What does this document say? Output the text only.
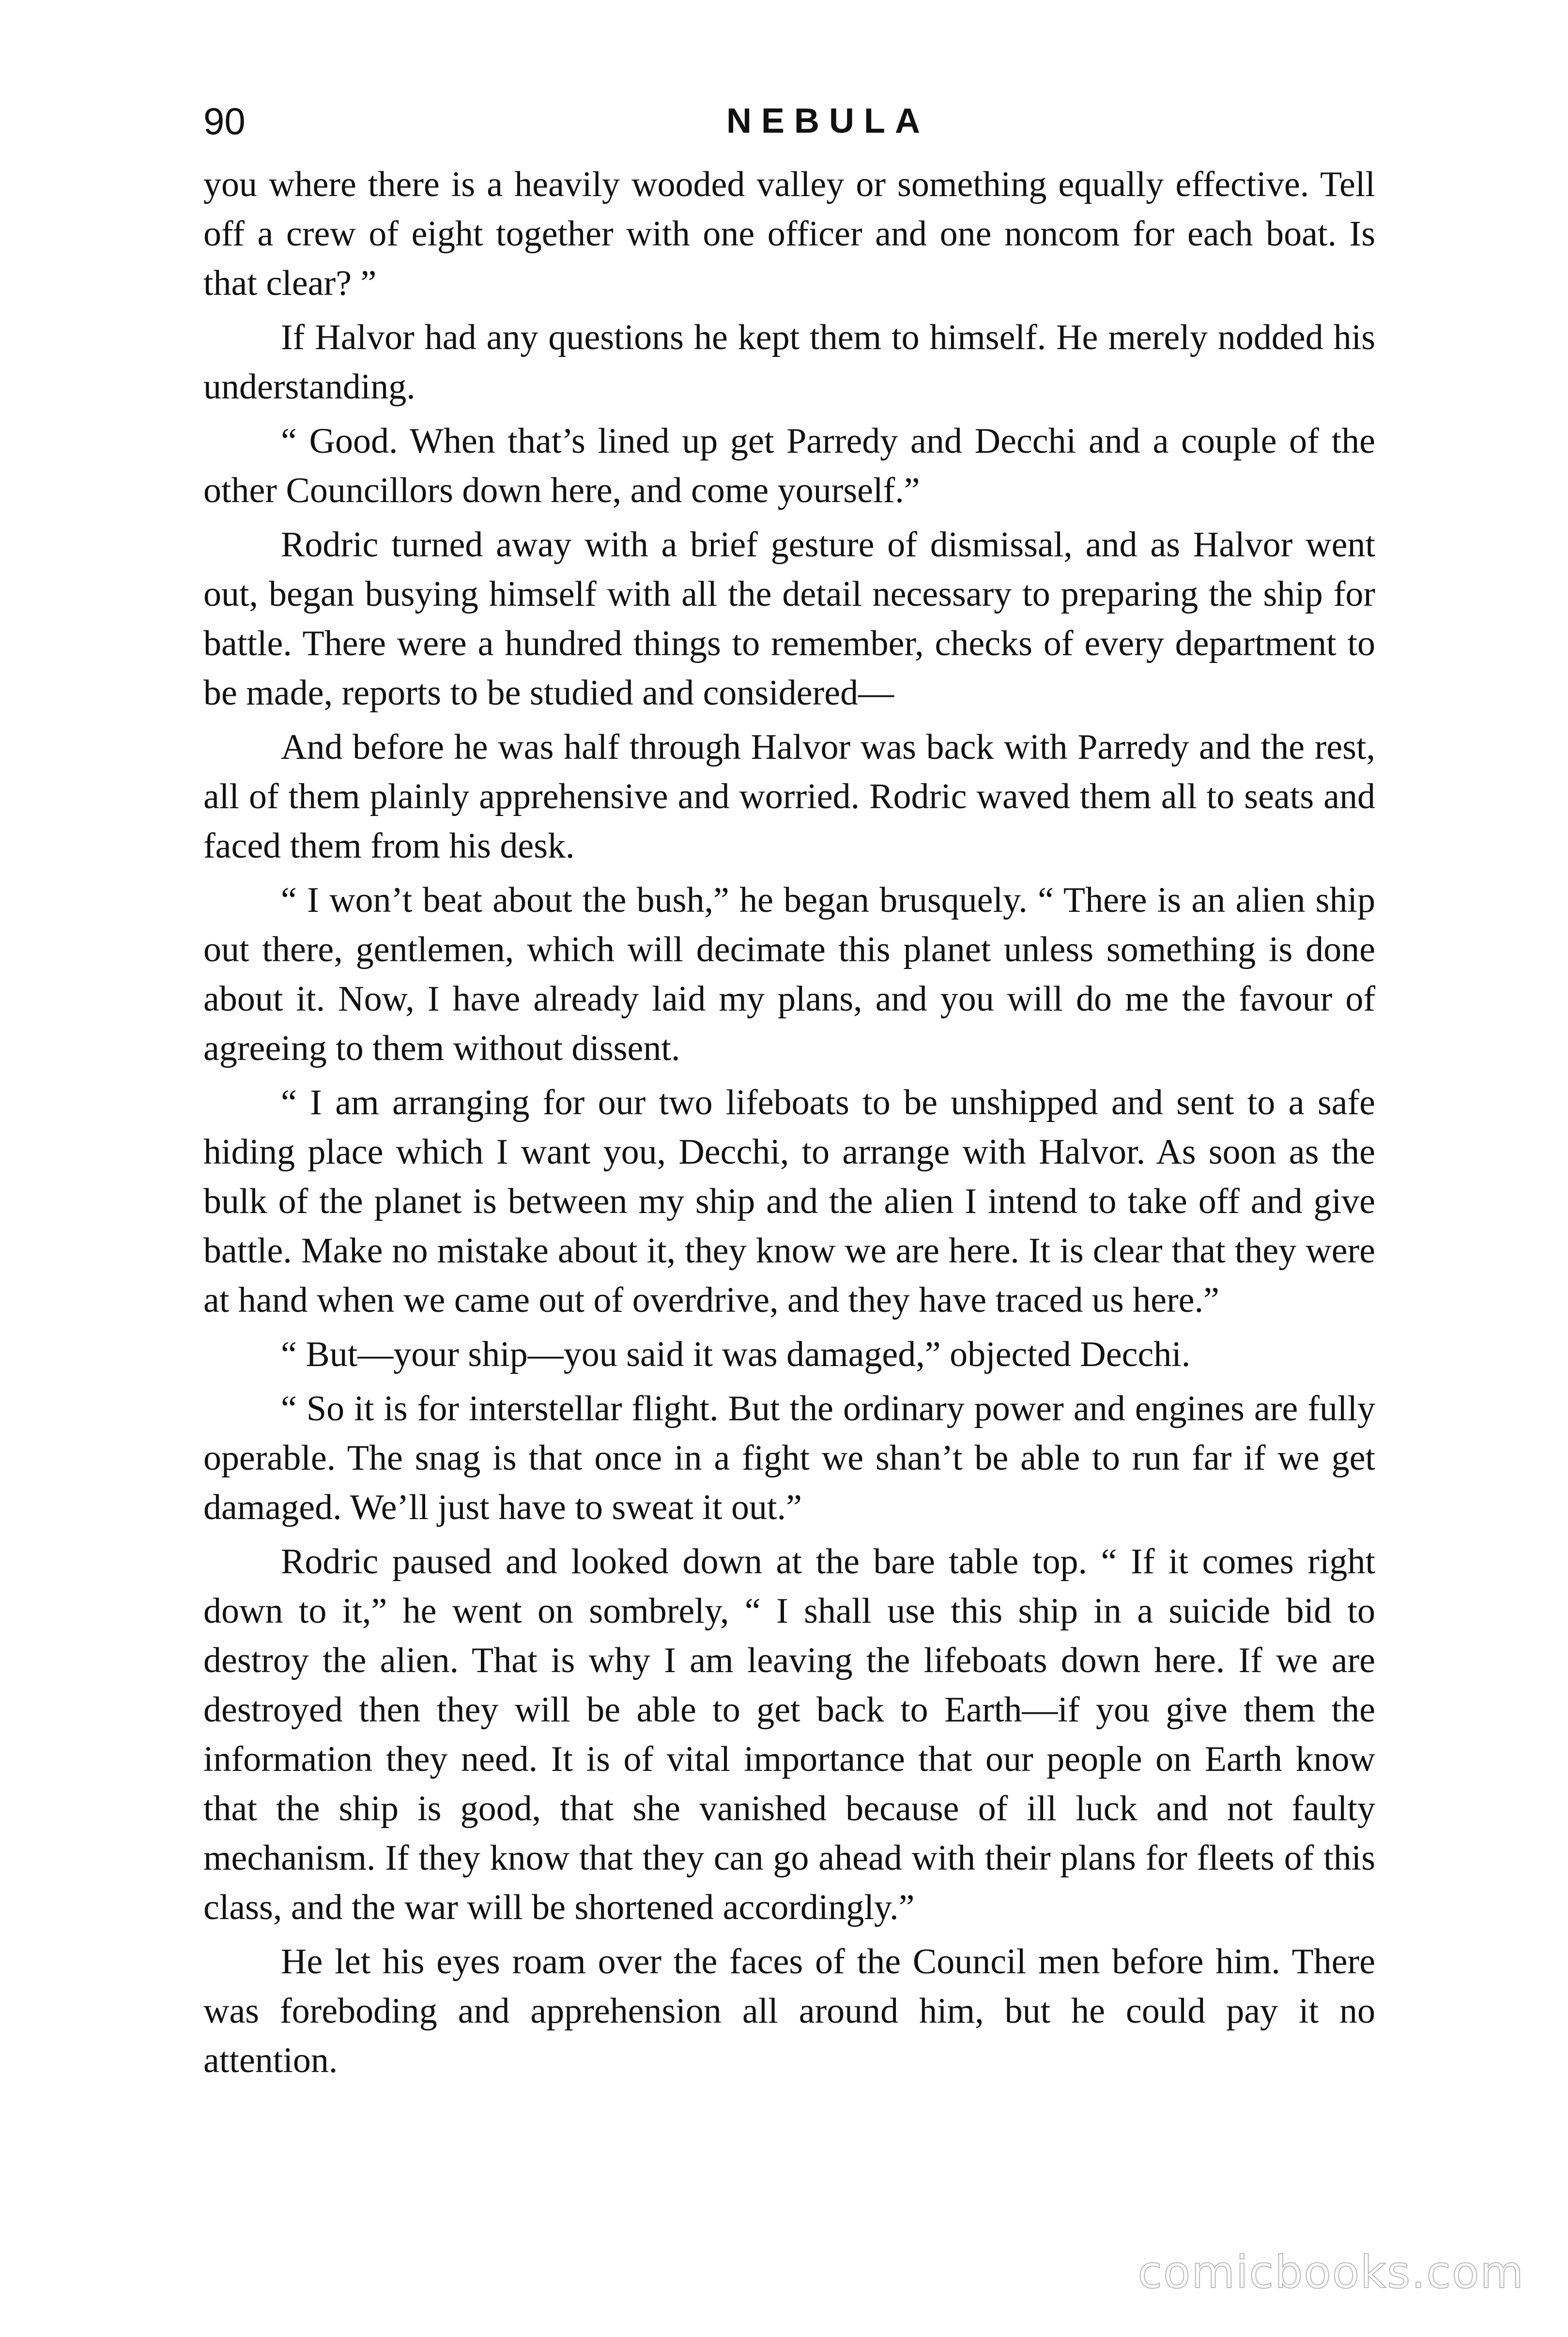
90	NEBULA

you where there is a heavily wooded valley or something equally effective. Tell off a crew of eight together with one officer and one noncom for each boat. Is that clear? ”

If Halvor had any questions he kept them to himself. He merely nodded his understanding.

“ Good. When that’s lined up get Parredy and Decchi and a couple of the other Councillors down here, and come yourself.”

Rodric turned away with a brief gesture of dismissal, and as Halvor went out, began busying himself with all the detail necessary to preparing the ship for battle. There were a hundred things to remember, checks of every department to be made, reports to be studied and considered—

And before he was half through Halvor was back with Parredy and the rest, all of them plainly apprehensive and worried. Rodric waved them all to seats and faced them from his desk.

“ I won’t beat about the bush,” he began brusquely. “ There is an alien ship out there, gentlemen, which will decimate this planet unless something is done about it. Now, I have already laid my plans, and you will do me the favour of agreeing to them without dissent.

“ I am arranging for our two lifeboats to be unshipped and sent to a safe hiding place which I want you, Decchi, to arrange with Halvor. As soon as the bulk of the planet is between my ship and the alien I intend to take off and give battle. Make no mistake about it, they know we are here. It is clear that they were at hand when we came out of overdrive, and they have traced us here.”

“ But—your ship—you said it was damaged,” objected Decchi.

“ So it is for interstellar flight. But the ordinary power and engines are fully operable. The snag is that once in a fight we shan’t be able to run far if we get damaged. We’ll just have to sweat it out.”

Rodric paused and looked down at the bare table top. “ If it comes right down to it,” he went on sombrely, “ I shall use this ship in a suicide bid to destroy the alien. That is why I am leaving the lifeboats down here. If we are destroyed then they will be able to get back to Earth—if you give them the information they need. It is of vital importance that our people on Earth know that the ship is good, that she vanished because of ill luck and not faulty mechanism. If they know that they can go ahead with their plans for fleets of this class, and the war will be shortened accordingly.”

He let his eyes roam over the faces of the Council men before him. There was foreboding and apprehension all around him, but he could pay it no attention.

comicbooks.com
